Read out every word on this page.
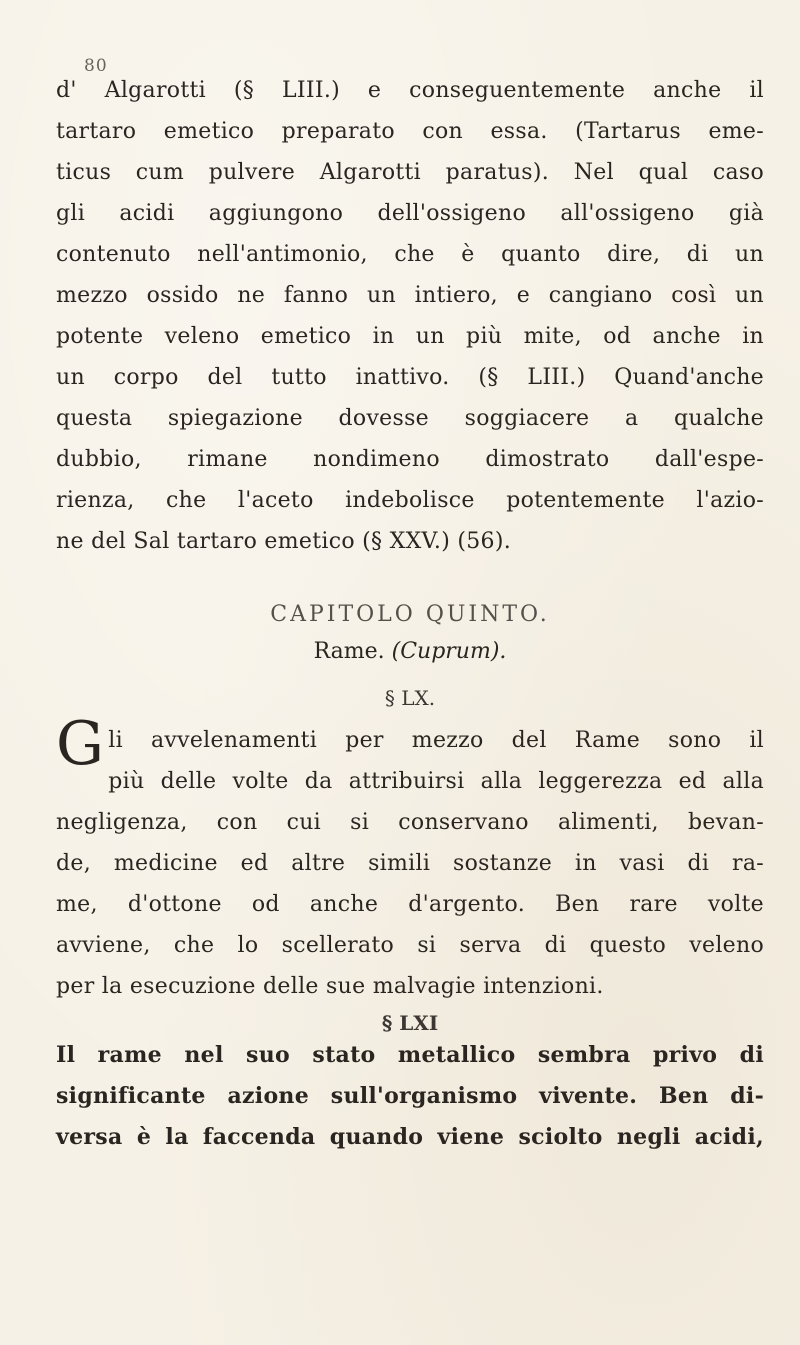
80
d' Algarotti (§ LIII.) e conseguentemente anche il
tartaro emetico preparato con essa. (Tartarus eme-
ticus cum pulvere Algarotti paratus). Nel qual caso
gli acidi aggiungono dell'ossigeno all'ossigeno già
contenuto nell'antimonio, che è quanto dire, di un
mezzo ossido ne fanno un intiero, e cangiano così un
potente veleno emetico in un più mite, od anche in
un corpo del tutto inattivo. (§ LIII.) Quand'anche
questa spiegazione dovesse soggiacere a qualche
dubbio, rimane nondimeno dimostrato dall'espe-
rienza, che l'aceto indebolisce potentemente l'azio-
ne del Sal tartaro emetico (§ XXV.) (56).
CAPITOLO QUINTO.
Rame. (Cuprum).
§ LX.
G li avvelenamenti per mezzo del Rame sono il
più delle volte da attribuirsi alla leggerezza ed alla
negligenza, con cui si conservano alimenti, bevan-
de, medicine ed altre simili sostanze in vasi di ra-
me, d'ottone od anche d'argento. Ben rare volte
avviene, che lo scellerato si serva di questo veleno
per la esecuzione delle sue malvagie intenzioni.
§ LXI
Il rame nel suo stato metallico sembra privo di
significante azione sull'organismo vivente. Ben di-
versa è la faccenda quando viene sciolto negli acidi,
